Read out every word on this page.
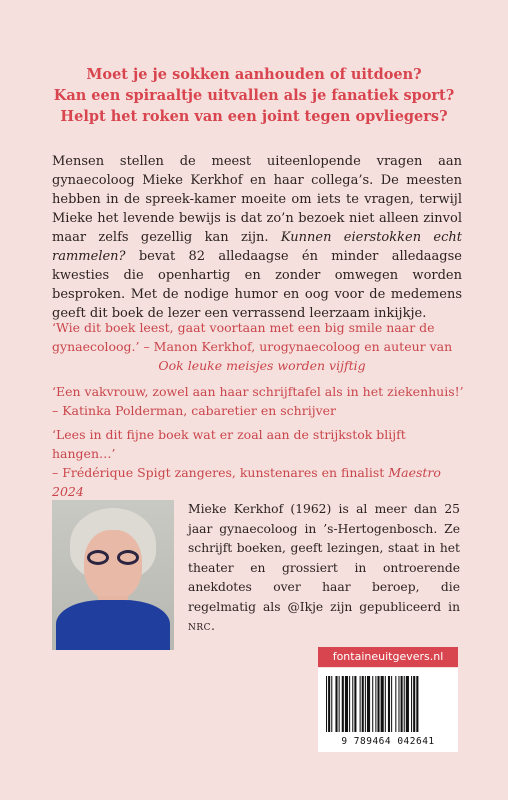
Moet je je sokken aanhouden of uitdoen?
Kan een spiraaltje uitvallen als je fanatiek sport?
Helpt het roken van een joint tegen opvliegers?
Mensen stellen de meest uiteenlopende vragen aan gynaecoloog Mieke Kerkhof en haar collega’s. De meesten hebben in de spreek-kamer moeite om iets te vragen, terwijl Mieke het levende bewijs is dat zo’n bezoek niet alleen zinvol maar zelfs gezellig kan zijn. Kunnen eierstokken echt rammelen? bevat 82 alledaagse én minder alledaagse kwesties die openhartig en zonder omwegen worden besproken. Met de nodige humor en oog voor de medemens geeft dit boek de lezer een verrassend leerzaam inkijkje.
‘Wie dit boek leest, gaat voortaan met een big smile naar de gynaecoloog.’ – Manon Kerkhof, urogynaecoloog en auteur van

Ook leuke meisjes worden vijftig
‘Een vakvrouw, zowel aan haar schrijftafel als in het ziekenhuis!’
– Katinka Polderman, cabaretier en schrijver
‘Lees in dit fijne boek wat er zoal aan de strijkstok blijft hangen…’
– Frédérique Spigt zangeres, kunstenares en finalist Maestro 2024
Mieke Kerkhof (1962) is al meer dan 25 jaar gynaecoloog in ’s-Hertogenbosch. Ze schrijft boeken, geeft lezingen, staat in het theater en grossiert in ontroerende anekdotes over haar beroep, die regelmatig als @Ikje zijn gepubliceerd in NRC.
fontaineuitgevers.nl
9 789464 042641
